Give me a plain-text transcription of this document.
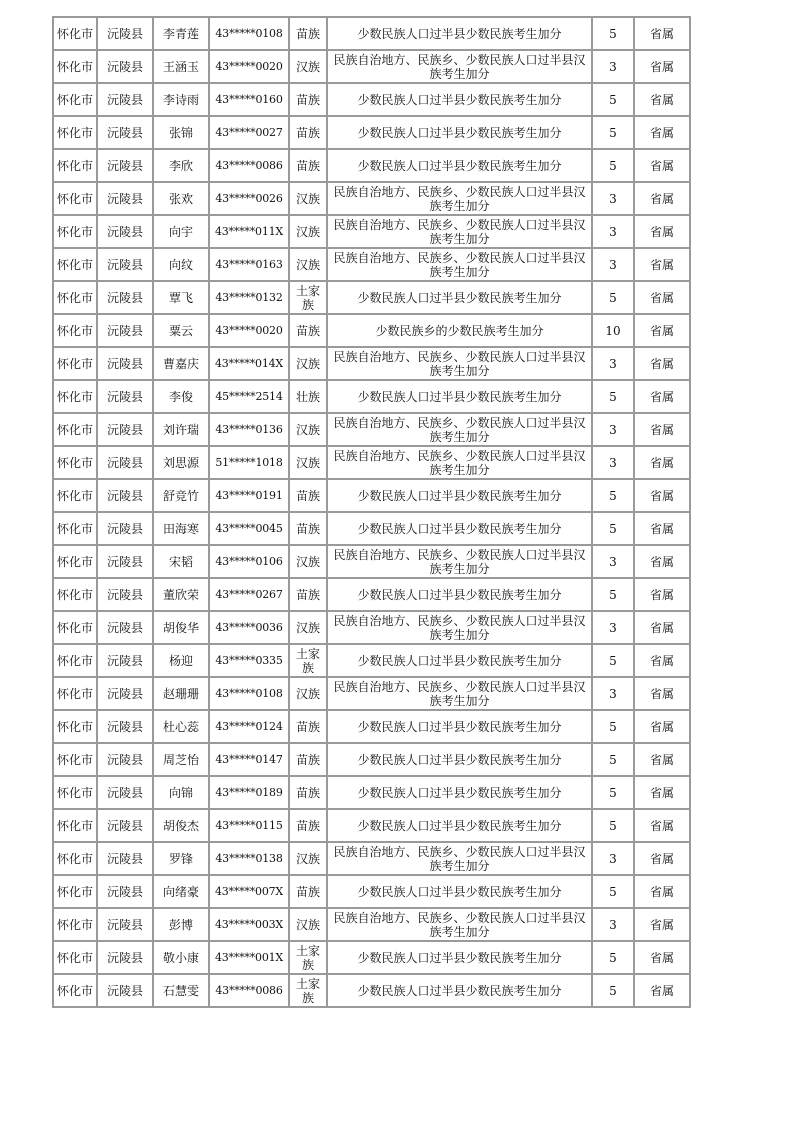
怀化市	沅陵县	李青莲	43*****0108	苗族	少数民族人口过半县少数民族考生加分	5	省属
怀化市	沅陵县	王涵玉	43*****0020	汉族	民族自治地方、民族乡、少数民族人口过半县汉族考生加分	3	省属
怀化市	沅陵县	李诗雨	43*****0160	苗族	少数民族人口过半县少数民族考生加分	5	省属
怀化市	沅陵县	张锦	43*****0027	苗族	少数民族人口过半县少数民族考生加分	5	省属
怀化市	沅陵县	李欣	43*****0086	苗族	少数民族人口过半县少数民族考生加分	5	省属
怀化市	沅陵县	张欢	43*****0026	汉族	民族自治地方、民族乡、少数民族人口过半县汉族考生加分	3	省属
怀化市	沅陵县	向宇	43*****011X	汉族	民族自治地方、民族乡、少数民族人口过半县汉族考生加分	3	省属
怀化市	沅陵县	向纹	43*****0163	汉族	民族自治地方、民族乡、少数民族人口过半县汉族考生加分	3	省属
怀化市	沅陵县	覃飞	43*****0132	土家族	少数民族人口过半县少数民族考生加分	5	省属
怀化市	沅陵县	粟云	43*****0020	苗族	少数民族乡的少数民族考生加分	10	省属
怀化市	沅陵县	曹嘉庆	43*****014X	汉族	民族自治地方、民族乡、少数民族人口过半县汉族考生加分	3	省属
怀化市	沅陵县	李俊	45*****2514	壮族	少数民族人口过半县少数民族考生加分	5	省属
怀化市	沅陵县	刘许瑞	43*****0136	汉族	民族自治地方、民族乡、少数民族人口过半县汉族考生加分	3	省属
怀化市	沅陵县	刘思源	51*****1018	汉族	民族自治地方、民族乡、少数民族人口过半县汉族考生加分	3	省属
怀化市	沅陵县	舒竞竹	43*****0191	苗族	少数民族人口过半县少数民族考生加分	5	省属
怀化市	沅陵县	田海寒	43*****0045	苗族	少数民族人口过半县少数民族考生加分	5	省属
怀化市	沅陵县	宋韬	43*****0106	汉族	民族自治地方、民族乡、少数民族人口过半县汉族考生加分	3	省属
怀化市	沅陵县	董欣荣	43*****0267	苗族	少数民族人口过半县少数民族考生加分	5	省属
怀化市	沅陵县	胡俊华	43*****0036	汉族	民族自治地方、民族乡、少数民族人口过半县汉族考生加分	3	省属
怀化市	沅陵县	杨迎	43*****0335	土家族	少数民族人口过半县少数民族考生加分	5	省属
怀化市	沅陵县	赵珊珊	43*****0108	汉族	民族自治地方、民族乡、少数民族人口过半县汉族考生加分	3	省属
怀化市	沅陵县	杜心蕊	43*****0124	苗族	少数民族人口过半县少数民族考生加分	5	省属
怀化市	沅陵县	周芝怡	43*****0147	苗族	少数民族人口过半县少数民族考生加分	5	省属
怀化市	沅陵县	向锦	43*****0189	苗族	少数民族人口过半县少数民族考生加分	5	省属
怀化市	沅陵县	胡俊杰	43*****0115	苗族	少数民族人口过半县少数民族考生加分	5	省属
怀化市	沅陵县	罗锋	43*****0138	汉族	民族自治地方、民族乡、少数民族人口过半县汉族考生加分	3	省属
怀化市	沅陵县	向绪豪	43*****007X	苗族	少数民族人口过半县少数民族考生加分	5	省属
怀化市	沅陵县	彭博	43*****003X	汉族	民族自治地方、民族乡、少数民族人口过半县汉族考生加分	3	省属
怀化市	沅陵县	敬小康	43*****001X	土家族	少数民族人口过半县少数民族考生加分	5	省属
怀化市	沅陵县	石慧雯	43*****0086	土家族	少数民族人口过半县少数民族考生加分	5	省属
